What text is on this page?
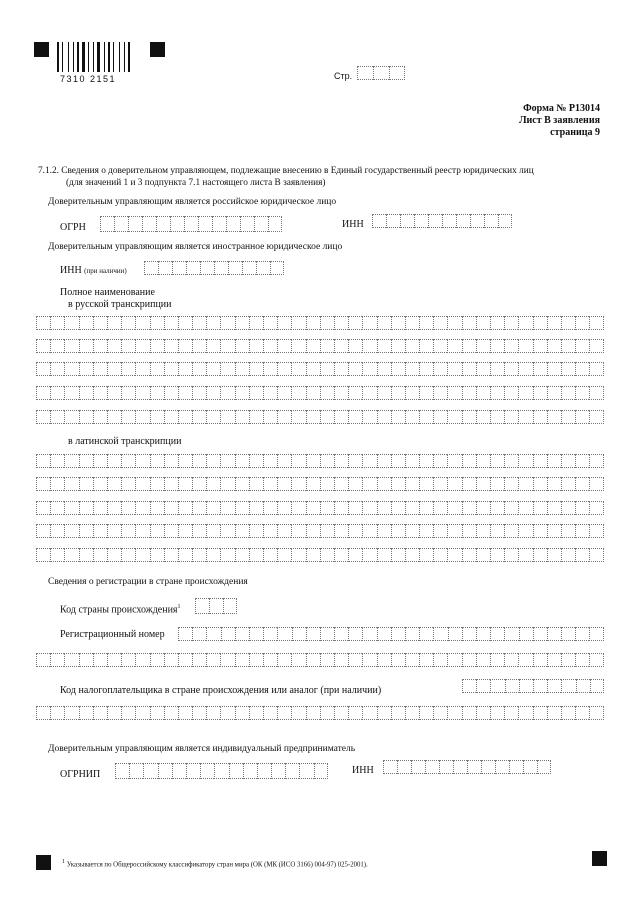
7310 2151	Стр.
Форма № Р13014
Лист В заявления
страница 9
7.1.2. Сведения о доверительном управляющем, подлежащие внесению в Единый государственный реестр юридических лиц
(для значений 1 и 3 подпункта 7.1 настоящего листа В заявления)
Доверительным управляющим является российское юридическое лицо
ОГРН	ИНН
Доверительным управляющим является иностранное юридическое лицо
ИНН (при наличии)
Полное наименование
в русской транскрипции
в латинской транскрипции
Сведения о регистрации в стране происхождения
Код страны происхождения$^1$
Регистрационный номер
Код налогоплательщика в стране происхождения или аналог (при наличии)
Доверительным управляющим является индивидуальный предприниматель
ОГРНИП	ИНН
$^1$ Указывается по Общероссийскому классификатору стран мира (ОК (МК (ИСО 3166) 004-97) 025-2001).
